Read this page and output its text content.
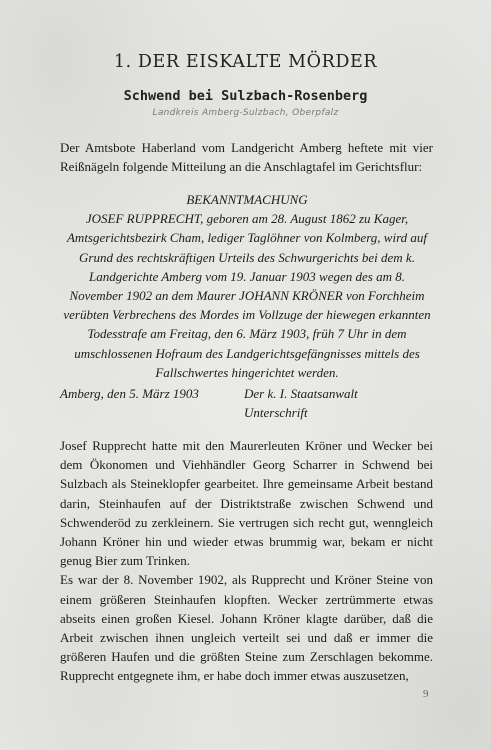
1. DER EISKALTE MÖRDER
Schwend bei Sulzbach-Rosenberg
Landkreis Amberg-Sulzbach, Oberpfalz
Der Amtsbote Haberland vom Landgericht Amberg heftete mit vier Reißnägeln folgende Mitteilung an die Anschlagtafel im Gerichtsflur:
BEKANNTMACHUNG
JOSEF RUPPRECHT, geboren am 28. August 1862 zu Kager, Amtsgerichtsbezirk Cham, lediger Taglöhner von Kolmberg, wird auf Grund des rechtskräftigen Urteils des Schwurgerichts bei dem k. Landgerichte Amberg vom 19. Januar 1903 wegen des am 8. November 1902 an dem Maurer JOHANN KRÖNER von Forchheim verübten Verbrechens des Mordes im Vollzuge der hiewegen erkannten Todesstrafe am Freitag, den 6. März 1903, früh 7 Uhr in dem umschlossenen Hofraum des Landgerichtsgefängnisses mittels des Fallschwertes hingerichtet werden.
Amberg, den 5. März 1903	Der k. I. Staatsanwalt
Unterschrift

Josef Rupprecht hatte mit den Maurerleuten Kröner und Wecker bei dem Ökonomen und Viehhändler Georg Scharrer in Schwend bei Sulzbach als Steineklopfer gearbeitet. Ihre gemeinsame Arbeit bestand darin, Steinhaufen auf der Distriktstraße zwischen Schwend und Schwenderöd zu zerkleinern. Sie vertrugen sich recht gut, wenngleich Johann Kröner hin und wieder etwas brummig war, bekam er nicht genug Bier zum Trinken.

Es war der 8. November 1902, als Rupprecht und Kröner Steine von einem größeren Steinhaufen klopften. Wecker zertrümmerte etwas abseits einen großen Kiesel. Johann Kröner klagte darüber, daß die Arbeit zwischen ihnen ungleich verteilt sei und daß er immer die größeren Haufen und die größten Steine zum Zerschlagen bekomme. Rupprecht entgegnete ihm, er habe doch immer etwas auszusetzen,

9
